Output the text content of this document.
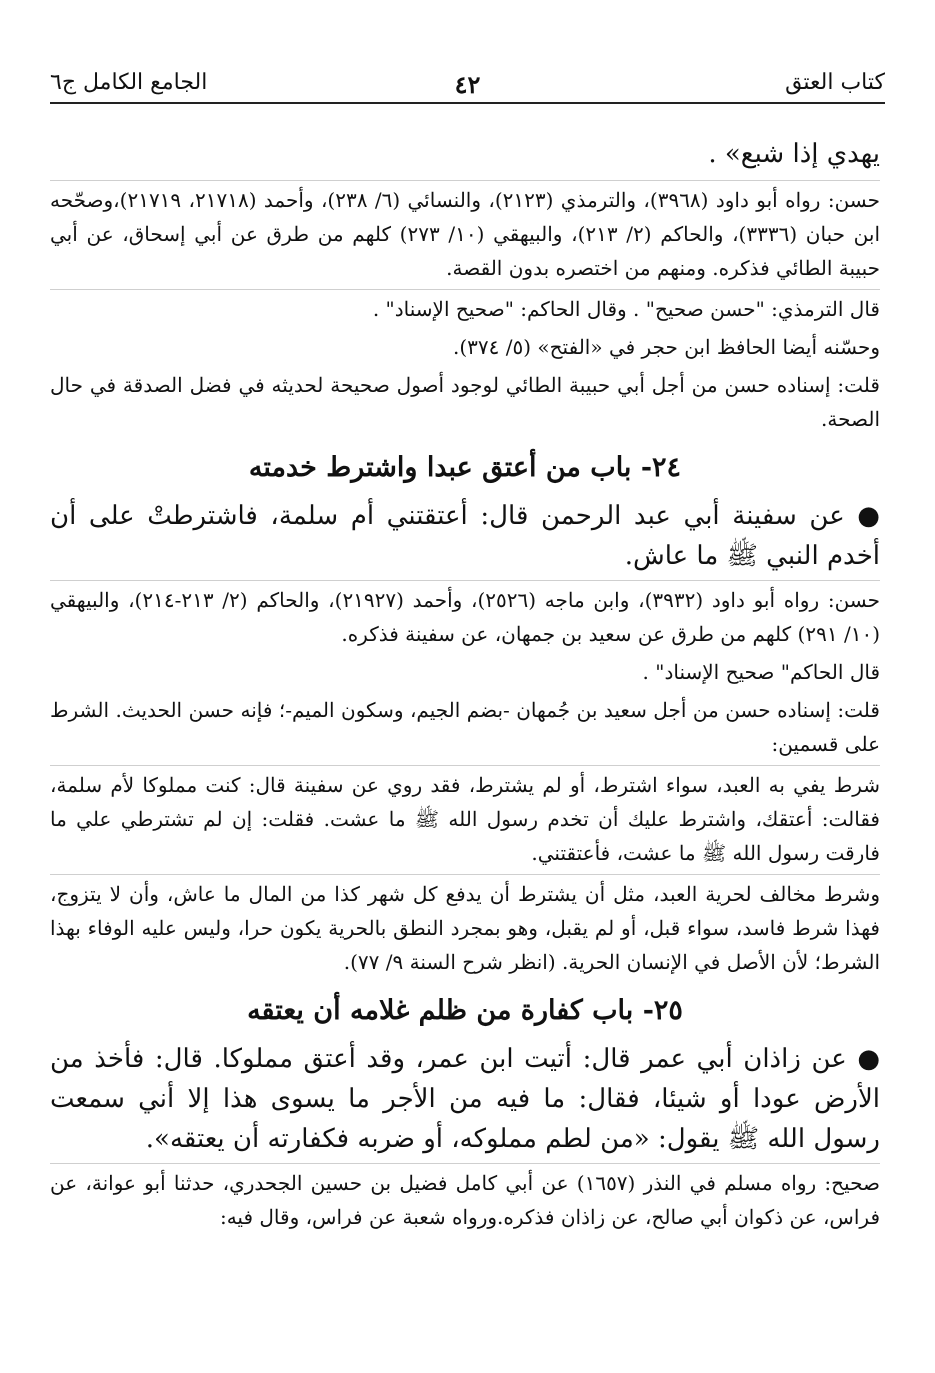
كتاب العتق
٤٢
الجامع الكامل ج٦

يهدي إذا شبع» .

حسن: رواه أبو داود (٣٩٦٨)، والترمذي (٢١٢٣)، والنسائي (٦/ ٢٣٨)، وأحمد (٢١٧١٨، ٢١٧١٩)،وصحّحه ابن حبان (٣٣٣٦)، والحاكم (٢/ ٢١٣)، والبيهقي (١٠/ ٢٧٣) كلهم من طرق عن أبي إسحاق، عن أبي حبيبة الطائي فذكره. ومنهم من اختصره بدون القصة.

قال الترمذي: "حسن صحيح" . وقال الحاكم: "صحيح الإسناد" .

وحسّنه أيضا الحافظ ابن حجر في «الفتح» (٥/ ٣٧٤).

قلت: إسناده حسن من أجل أبي حبيبة الطائي لوجود أصول صحيحة لحديثه في فضل الصدقة في حال الصحة.

٢٤- باب من أعتق عبدا واشترط خدمته

● عن سفينة أبي عبد الرحمن قال: أعتقتني أم سلمة، فاشترطتْ على أن أخدم النبي ﷺ ما عاش.

حسن: رواه أبو داود (٣٩٣٢)، وابن ماجه (٢٥٢٦)، وأحمد (٢١٩٢٧)، والحاكم (٢/ ٢١٣-٢١٤)، والبيهقي (١٠/ ٢٩١) كلهم من طرق عن سعيد بن جمهان، عن سفينة فذكره.

قال الحاكم" صحيح الإسناد" .

قلت: إسناده حسن من أجل سعيد بن جُمهان -بضم الجيم، وسكون الميم-؛ فإنه حسن الحديث. الشرط على قسمين:

شرط يفي به العبد، سواء اشترط، أو لم يشترط، فقد روي عن سفينة قال: كنت مملوكا لأم سلمة، فقالت: أعتقك، واشترط عليك أن تخدم رسول الله ﷺ ما عشت. فقلت: إن لم تشترطي علي ما فارقت رسول الله ﷺ ما عشت، فأعتقتني.

وشرط مخالف لحرية العبد، مثل أن يشترط أن يدفع كل شهر كذا من المال ما عاش، وأن لا يتزوج، فهذا شرط فاسد، سواء قبل، أو لم يقبل، وهو بمجرد النطق بالحرية يكون حرا، وليس عليه الوفاء بهذا الشرط؛ لأن الأصل في الإنسان الحرية. (انظر شرح السنة ٩/ ٧٧).

٢٥- باب كفارة من ظلم غلامه أن يعتقه

● عن زاذان أبي عمر قال: أتيت ابن عمر، وقد أعتق مملوكا. قال: فأخذ من الأرض عودا أو شيئا، فقال: ما فيه من الأجر ما يسوى هذا إلا أني سمعت رسول الله ﷺ يقول: «من لطم مملوكه، أو ضربه فكفارته أن يعتقه».

صحيح: رواه مسلم في النذر (١٦٥٧) عن أبي كامل فضيل بن حسين الجحدري، حدثنا أبو عوانة، عن فراس، عن ذكوان أبي صالح، عن زاذان فذكره.ورواه شعبة عن فراس، وقال فيه:
